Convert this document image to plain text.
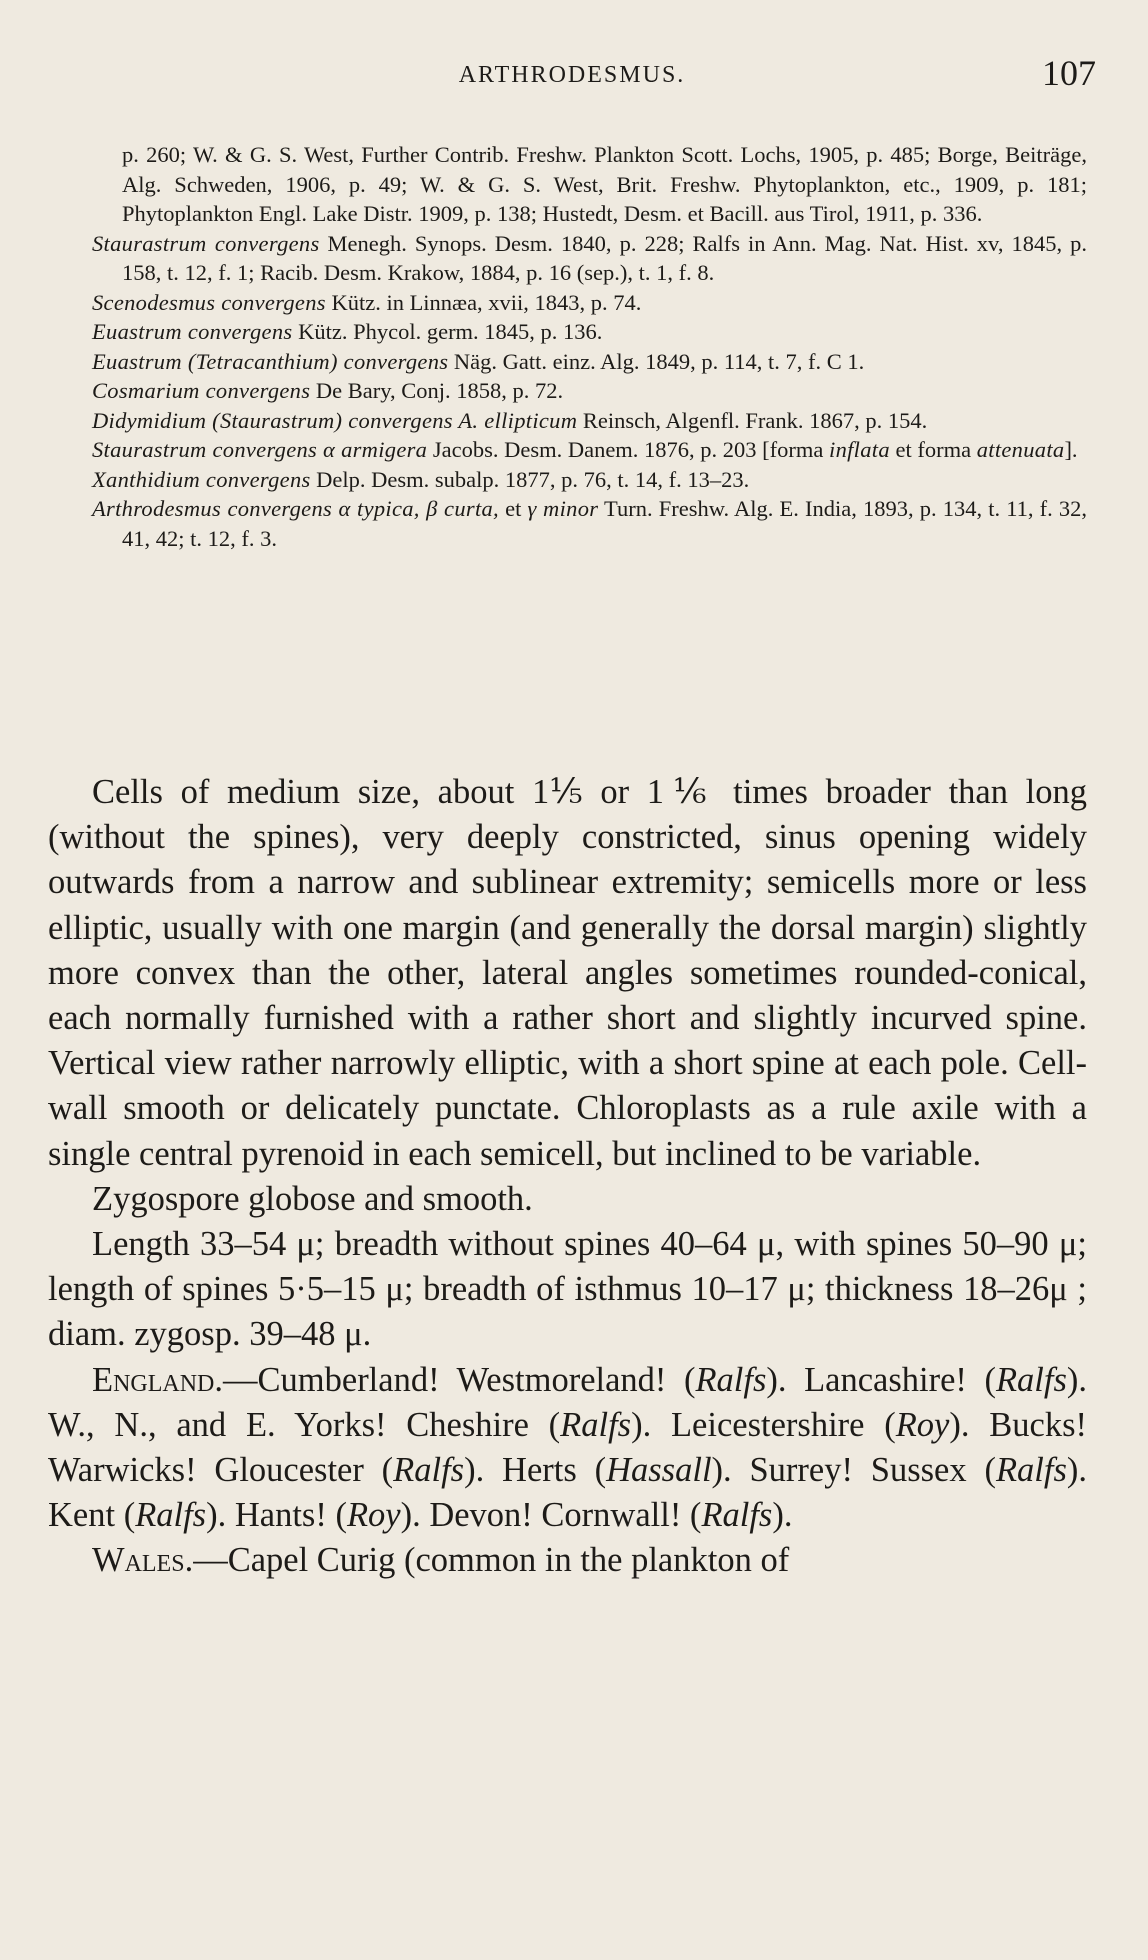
ARTHRODESMUS.	107

p. 260; W. & G. S. West, Further Contrib. Freshw. Plankton Scott. Lochs, 1905, p. 485; Borge, Beiträge, Alg. Schweden, 1906, p. 49; W. & G. S. West, Brit. Freshw. Phytoplankton, etc., 1909, p. 181; Phytoplankton Engl. Lake Distr. 1909, p. 138; Hustedt, Desm. et Bacill. aus Tirol, 1911, p. 336.

Staurastrum convergens Menegh. Synops. Desm. 1840, p. 228; Ralfs in Ann. Mag. Nat. Hist. xv, 1845, p. 158, t. 12, f. 1; Racib. Desm. Krakow, 1884, p. 16 (sep.), t. 1, f. 8.

Scenodesmus convergens Kütz. in Linnæa, xvii, 1843, p. 74.

Euastrum convergens Kütz. Phycol. germ. 1845, p. 136.

Euastrum (Tetracanthium) convergens Näg. Gatt. einz. Alg. 1849, p. 114, t. 7, f. C 1.

Cosmarium convergens De Bary, Conj. 1858, p. 72.

Didymidium (Staurastrum) convergens A. ellipticum Reinsch, Algenfl. Frank. 1867, p. 154.

Staurastrum convergens α armigera Jacobs. Desm. Danem. 1876, p. 203 [forma inflata et forma attenuata].

Xanthidium convergens Delp. Desm. subalp. 1877, p. 76, t. 14, f. 13–23.

Arthrodesmus convergens α typica, β curta, et γ minor Turn. Freshw. Alg. E. India, 1893, p. 134, t. 11, f. 32, 41, 42; t. 12, f. 3.

Cells of medium size, about 1⅕ or 1⅙ times broader than long (without the spines), very deeply constricted, sinus opening widely outwards from a narrow and sublinear extremity; semicells more or less elliptic, usually with one margin (and generally the dorsal margin) slightly more convex than the other, lateral angles sometimes rounded-conical, each normally furnished with a rather short and slightly incurved spine. Vertical view rather narrowly elliptic, with a short spine at each pole. Cell-wall smooth or delicately punctate. Chloroplasts as a rule axile with a single central pyrenoid in each semicell, but inclined to be variable.

Zygospore globose and smooth.

Length 33–54 μ; breadth without spines 40–64 μ, with spines 50–90 μ; length of spines 5·5–15 μ; breadth of isthmus 10–17 μ; thickness 18–26μ ; diam. zygosp. 39–48 μ.

England.—Cumberland! Westmoreland! (Ralfs). Lancashire! (Ralfs). W., N., and E. Yorks! Cheshire (Ralfs). Leicestershire (Roy). Bucks! Warwicks! Gloucester (Ralfs). Herts (Hassall). Surrey! Sussex (Ralfs). Kent (Ralfs). Hants! (Roy). Devon! Cornwall! (Ralfs).

Wales.—Capel Curig (common in the plankton of
